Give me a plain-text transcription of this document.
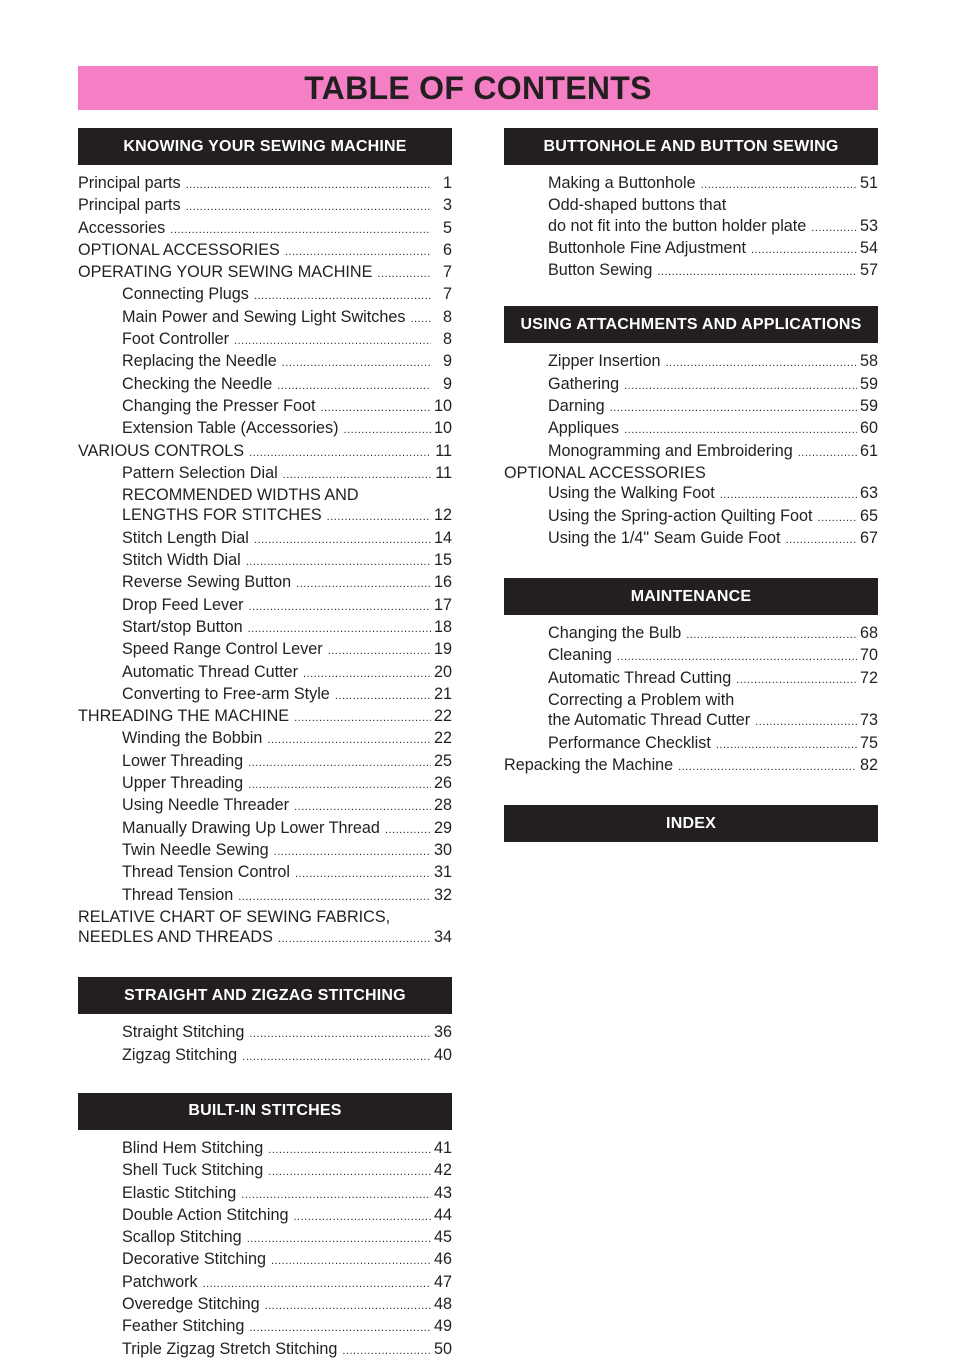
TABLE OF CONTENTS
KNOWING YOUR SEWING MACHINE
Principal parts .....	1
Principal parts .....	3
Accessories .....	5
OPTIONAL ACCESSORIES .....	6
OPERATING YOUR SEWING MACHINE .....	7
Connecting Plugs .....	7
Main Power and Sewing Light Switches .....	8
Foot Controller .....	8
Replacing the Needle .....	9
Checking the Needle .....	9
Changing the Presser Foot .....	10
Extension Table (Accessories) .....	10
VARIOUS CONTROLS .....	11
Pattern Selection Dial .....	11
RECOMMENDED WIDTHS AND
LENGTHS FOR STITCHES .....	12
Stitch Length Dial .....	14
Stitch Width Dial .....	15
Reverse Sewing Button .....	16
Drop Feed Lever .....	17
Start/stop Button .....	18
Speed Range Control Lever .....	19
Automatic Thread Cutter .....	20
Converting to Free-arm Style .....	21
THREADING THE MACHINE .....	22
Winding the Bobbin .....	22
Lower Threading .....	25
Upper Threading .....	26
Using Needle Threader .....	28
Manually Drawing Up Lower Thread .....	29
Twin Needle Sewing .....	30
Thread Tension Control .....	31
Thread Tension .....	32
RELATIVE CHART OF SEWING FABRICS,
NEEDLES AND THREADS .....	34
STRAIGHT AND ZIGZAG STITCHING
Straight Stitching .....	36
Zigzag Stitching .....	40
BUILT-IN STITCHES
Blind Hem Stitching .....	41
Shell Tuck Stitching .....	42
Elastic Stitching .....	43
Double Action Stitching .....	44
Scallop Stitching .....	45
Decorative Stitching .....	46
Patchwork .....	47
Overedge Stitching .....	48
Feather Stitching .....	49
Triple Zigzag Stretch Stitching .....	50
BUTTONHOLE AND BUTTON SEWING
Making a Buttonhole .....	51
Odd-shaped buttons that
do not fit into the button holder plate .....	53
Buttonhole Fine Adjustment .....	54
Button Sewing .....	57
USING ATTACHMENTS AND APPLICATIONS
Zipper Insertion .....	58
Gathering .....	59
Darning .....	59
Appliques .....	60
Monogramming and Embroidering .....	61
OPTIONAL ACCESSORIES
Using the Walking Foot .....	63
Using the Spring-action Quilting Foot .....	65
Using the 1/4" Seam Guide Foot .....	67
MAINTENANCE
Changing the Bulb .....	68
Cleaning .....	70
Automatic Thread Cutting .....	72
Correcting a Problem with
the Automatic Thread Cutter .....	73
Performance Checklist .....	75
Repacking the Machine .....	82
INDEX
